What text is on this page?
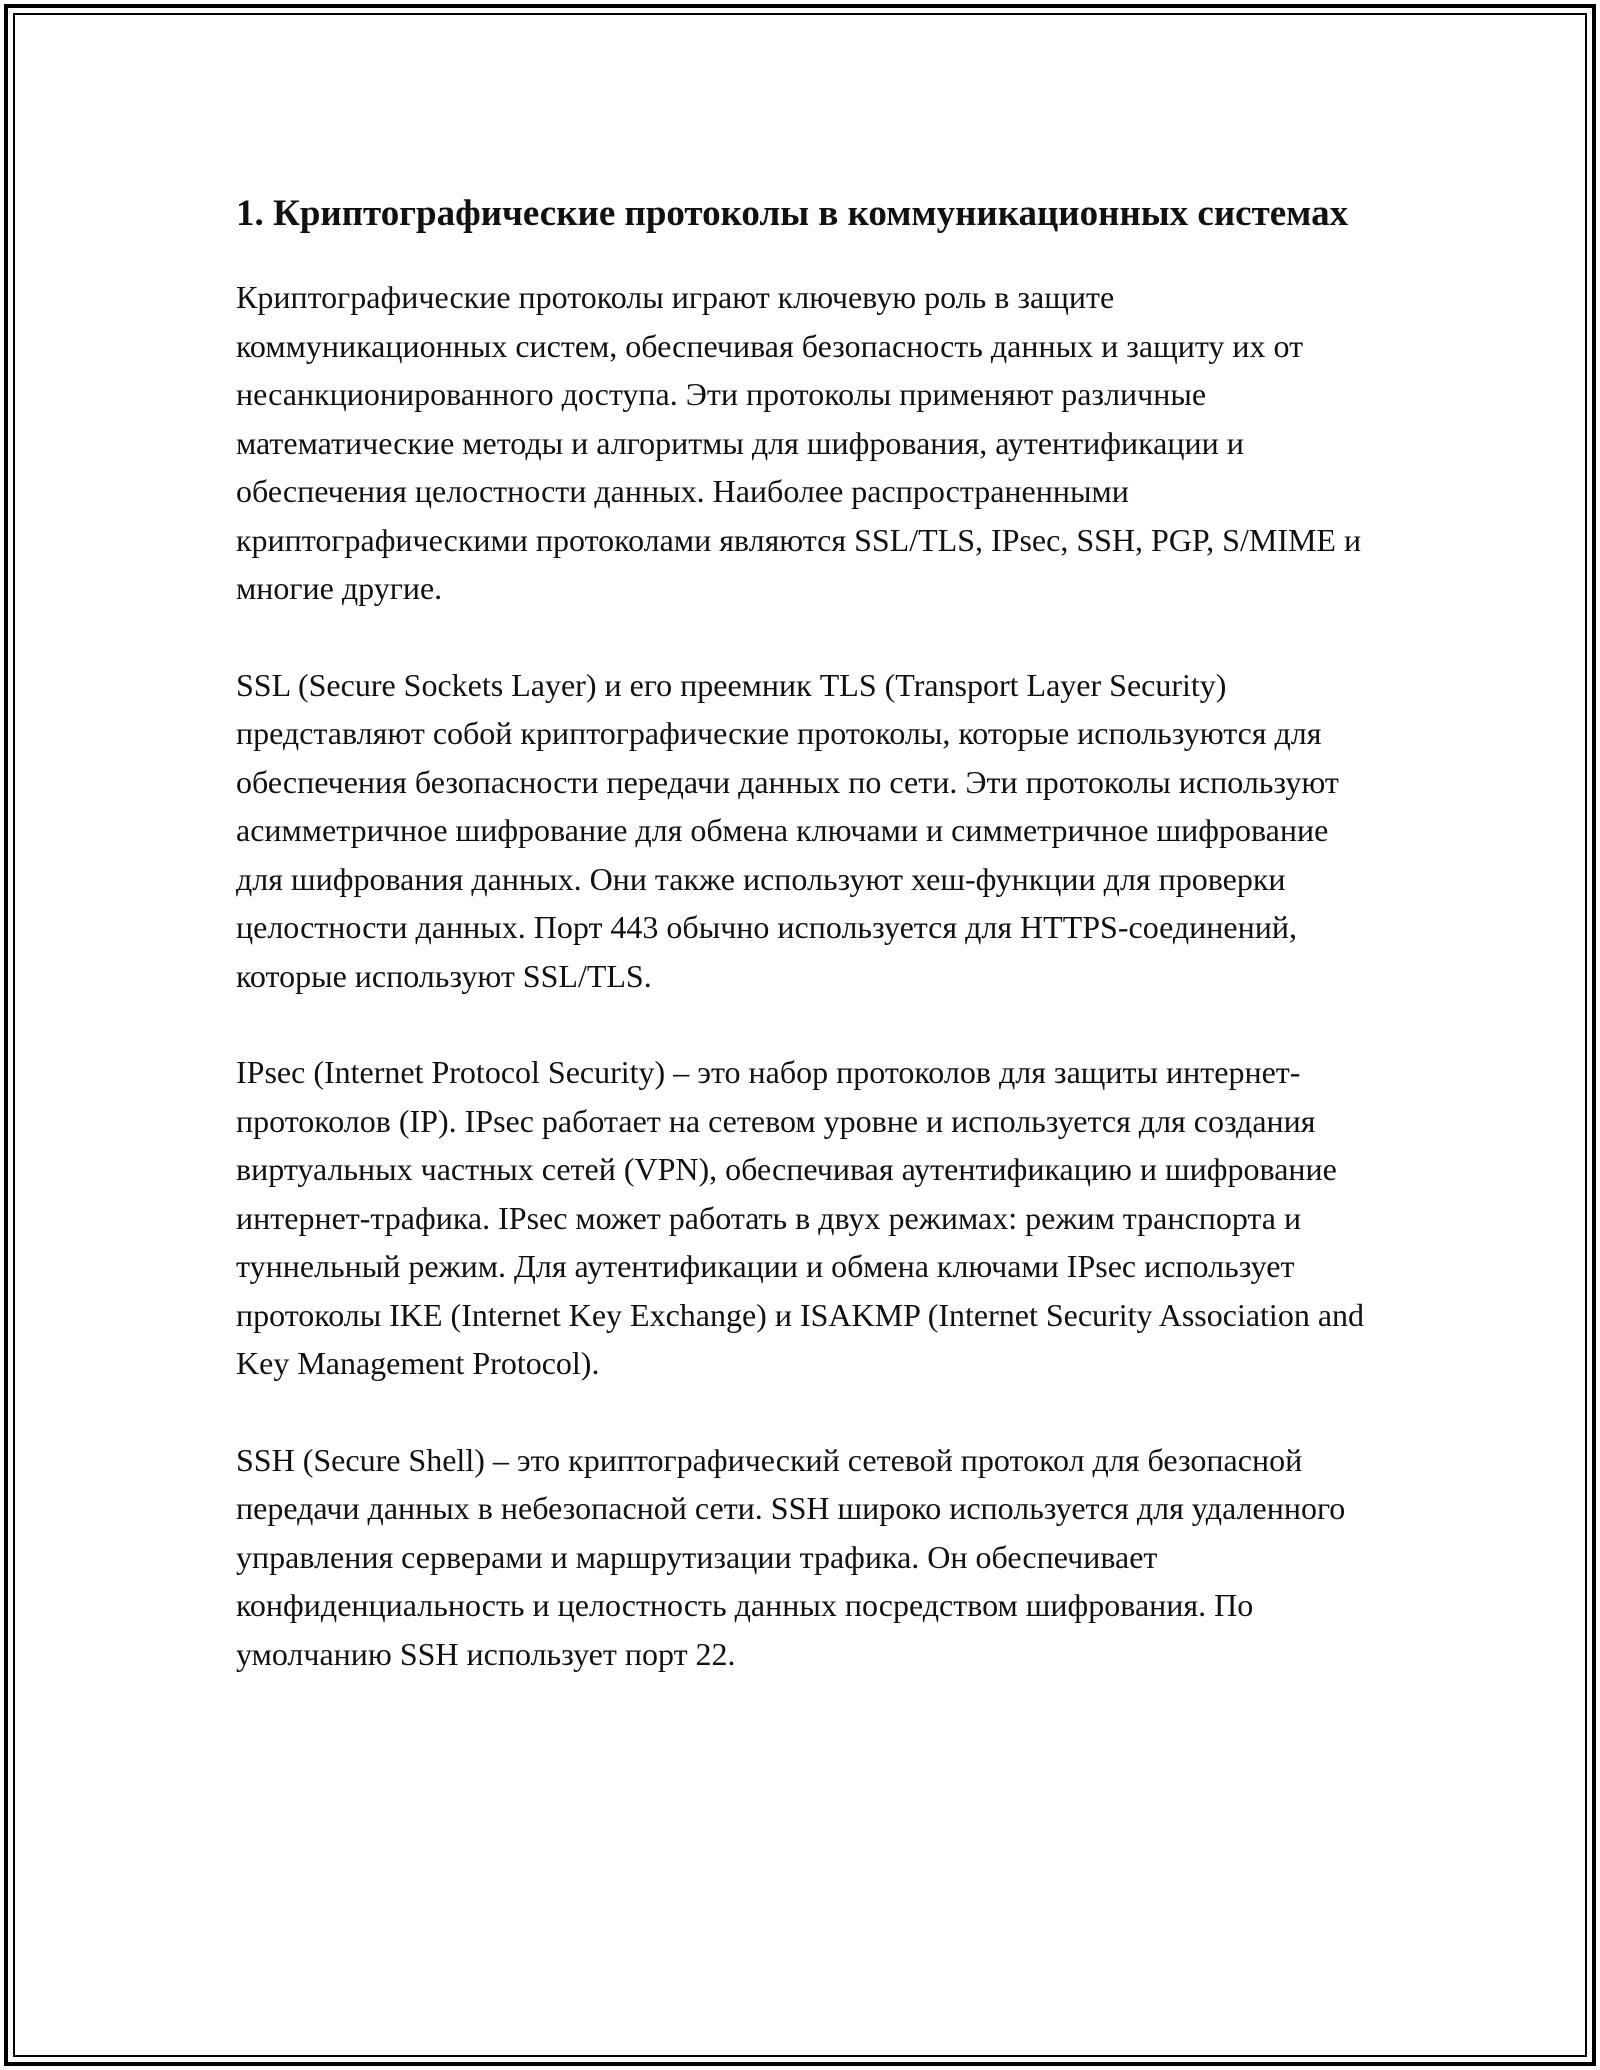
1. Криптографические протоколы в коммуникационных системах

Криптографические протоколы играют ключевую роль в защите коммуникационных систем, обеспечивая безопасность данных и защиту их от несанкционированного доступа. Эти протоколы применяют различные математические методы и алгоритмы для шифрования, аутентификации и обеспечения целостности данных. Наиболее распространенными криптографическими протоколами являются SSL/TLS, IPsec, SSH, PGP, S/MIME и многие другие.

SSL (Secure Sockets Layer) и его преемник TLS (Transport Layer Security) представляют собой криптографические протоколы, которые используются для обеспечения безопасности передачи данных по сети. Эти протоколы используют асимметричное шифрование для обмена ключами и симметричное шифрование для шифрования данных. Они также используют хеш-функции для проверки целостности данных. Порт 443 обычно используется для HTTPS-соединений, которые используют SSL/TLS.

IPsec (Internet Protocol Security) – это набор протоколов для защиты интернет-протоколов (IP). IPsec работает на сетевом уровне и используется для создания виртуальных частных сетей (VPN), обеспечивая аутентификацию и шифрование интернет-трафика. IPsec может работать в двух режимах: режим транспорта и туннельный режим. Для аутентификации и обмена ключами IPsec использует протоколы IKE (Internet Key Exchange) и ISAKMP (Internet Security Association and Key Management Protocol).

SSH (Secure Shell) – это криптографический сетевой протокол для безопасной передачи данных в небезопасной сети. SSH широко используется для удаленного управления серверами и маршрутизации трафика. Он обеспечивает конфиденциальность и целостность данных посредством шифрования. По умолчанию SSH использует порт 22.
